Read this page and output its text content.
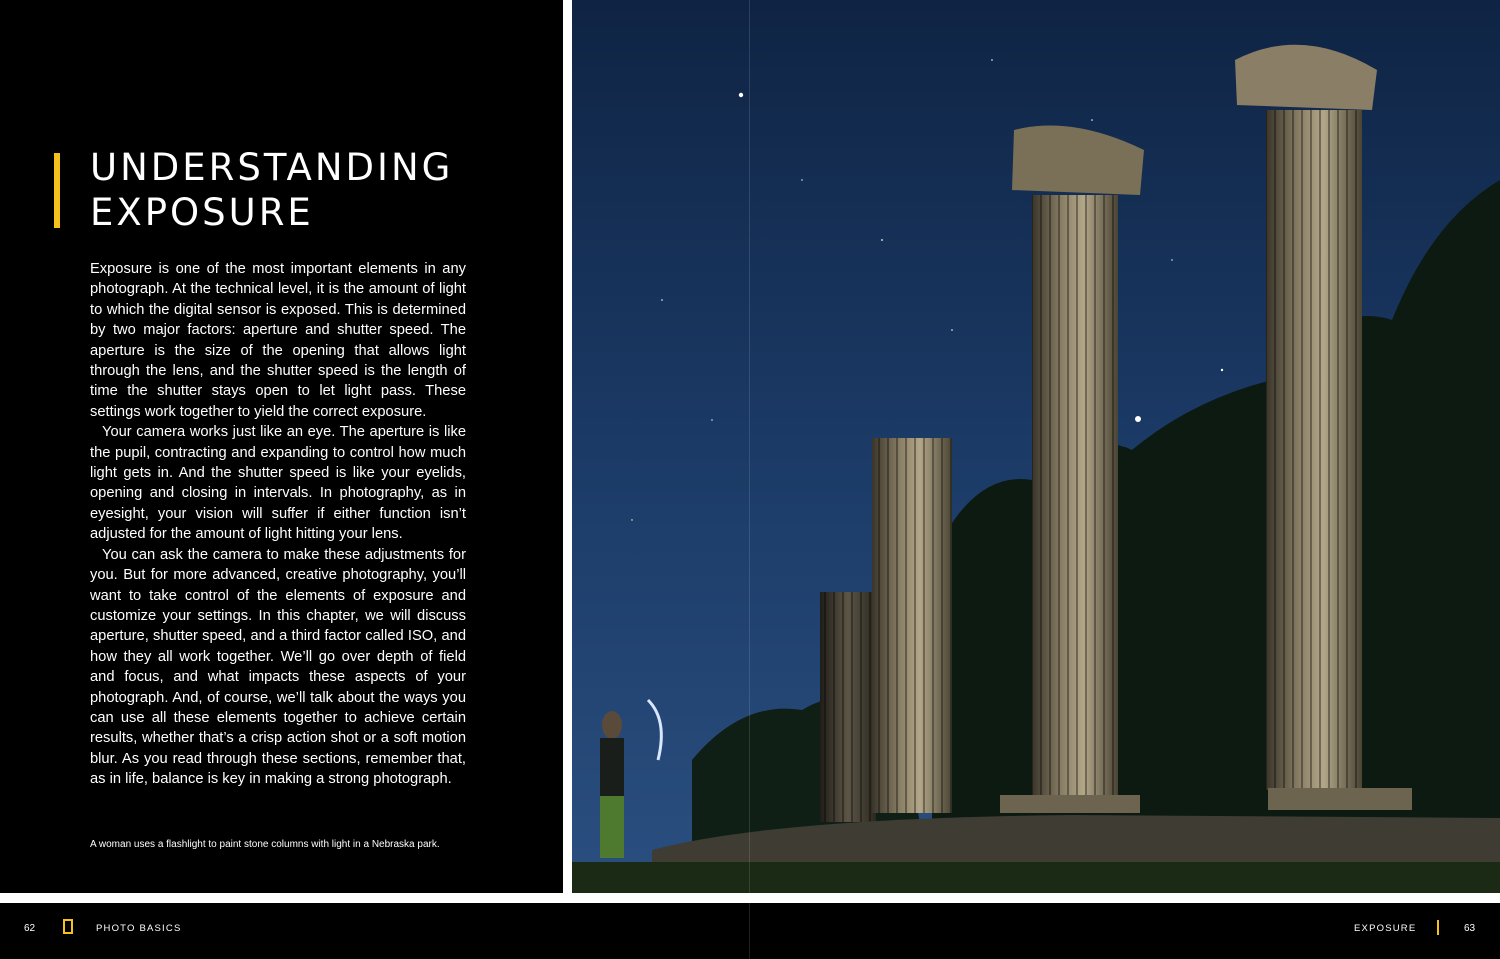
UNDERSTANDING
EXPOSURE

Exposure is one of the most important elements in any photograph. At the technical level, it is the amount of light to which the digital sensor is exposed. This is determined by two major factors: aperture and shutter speed. The aperture is the size of the opening that allows light through the lens, and the shutter speed is the length of time the shutter stays open to let light pass. These settings work together to yield the correct exposure.

Your camera works just like an eye. The aperture is like the pupil, contracting and expanding to control how much light gets in. And the shutter speed is like your eyelids, opening and closing in intervals. In photography, as in eyesight, your vision will suffer if either function isn’t adjusted for the amount of light hitting your lens.

You can ask the camera to make these adjustments for you. But for more advanced, creative photography, you’ll want to take control of the elements of exposure and customize your settings. In this chapter, we will discuss aperture, shutter speed, and a third factor called ISO, and how they all work together. We’ll go over depth of field and focus, and what impacts these aspects of your photograph. And, of course, we’ll talk about the ways you can use all these elements together to achieve certain results, whether that’s a crisp action shot or a soft motion blur. As you read through these sections, remember that, as in life, balance is key in making a strong photograph.

A woman uses a flashlight to paint stone columns with light in a Nebraska park.
62	PHOTO BASICS	EXPOSURE	63
